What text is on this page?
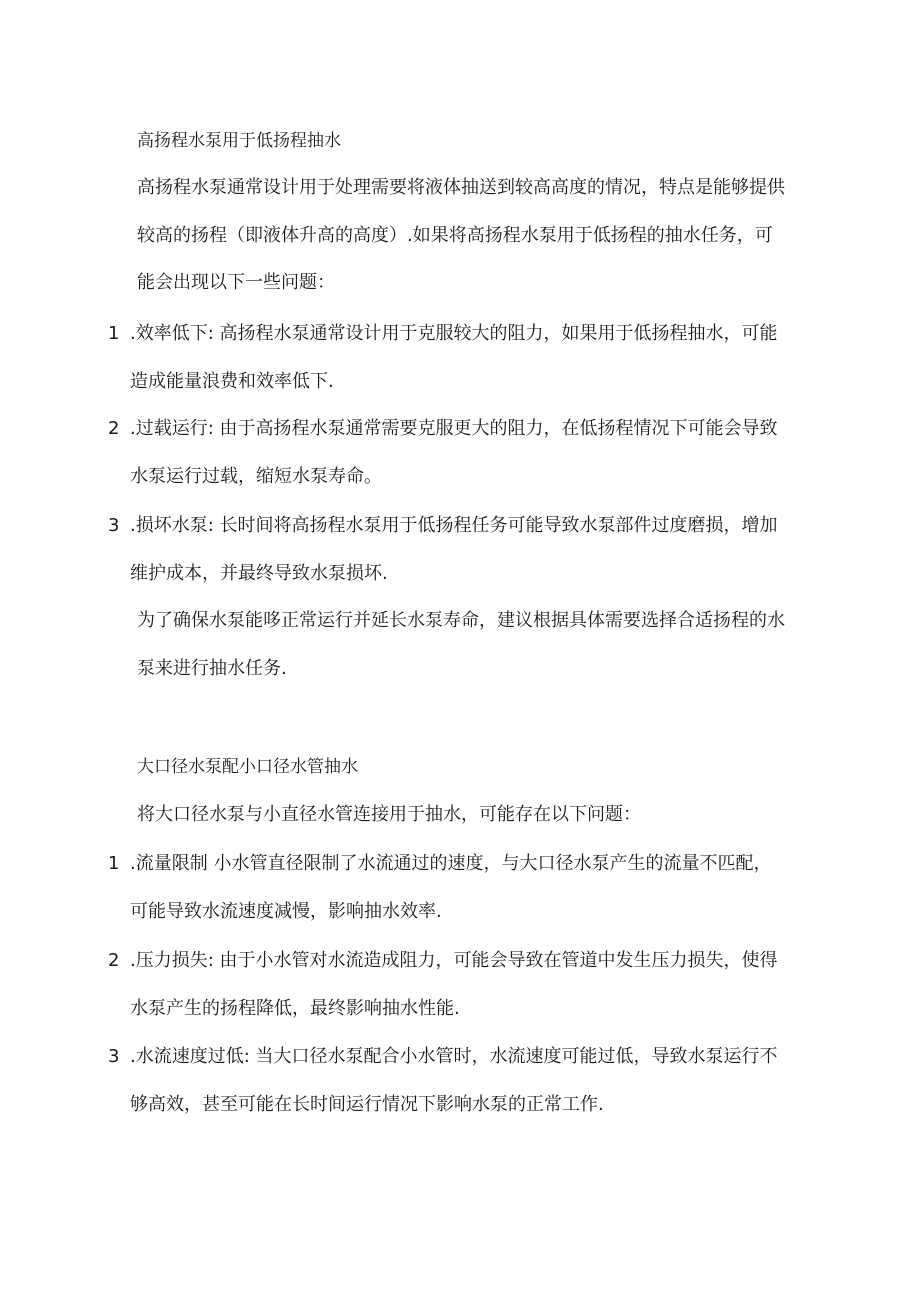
高扬程水泵用于低扬程抽水

高扬程水泵通常设计用于处理需要将液体抽送到较高高度的情况，特点是能够提供较高的扬程（即液体升高的高度）.如果将高扬程水泵用于低扬程的抽水任务，可能会出现以下一些问题：

1 .效率低下: 高扬程水泵通常设计用于克服较大的阻力，如果用于低扬程抽水，可能造成能量浪费和效率低下.
2 .过载运行: 由于高扬程水泵通常需要克服更大的阻力，在低扬程情况下可能会导致水泵运行过载，缩短水泵寿命。
3 .损坏水泵: 长时间将高扬程水泵用于低扬程任务可能导致水泵部件过度磨损，增加维护成本，并最终导致水泵损坏.

为了确保水泵能哆正常运行并延长水泵寿命，建议根据具体需要选择合适扬程的水泵来进行抽水任务.

大口径水泵配小口径水管抽水

将大口径水泵与小直径水管连接用于抽水，可能存在以下问题：

1 .流量限制 小水管直径限制了水流通过的速度，与大口径水泵产生的流量不匹配，可能导致水流速度减慢，影响抽水效率.
2 .压力损失: 由于小水管对水流造成阻力，可能会导致在管道中发生压力损失，使得水泵产生的扬程降低，最终影响抽水性能.
3 .水流速度过低: 当大口径水泵配合小水管时，水流速度可能过低，导致水泵运行不够高效，甚至可能在长时间运行情况下影响水泵的正常工作.
